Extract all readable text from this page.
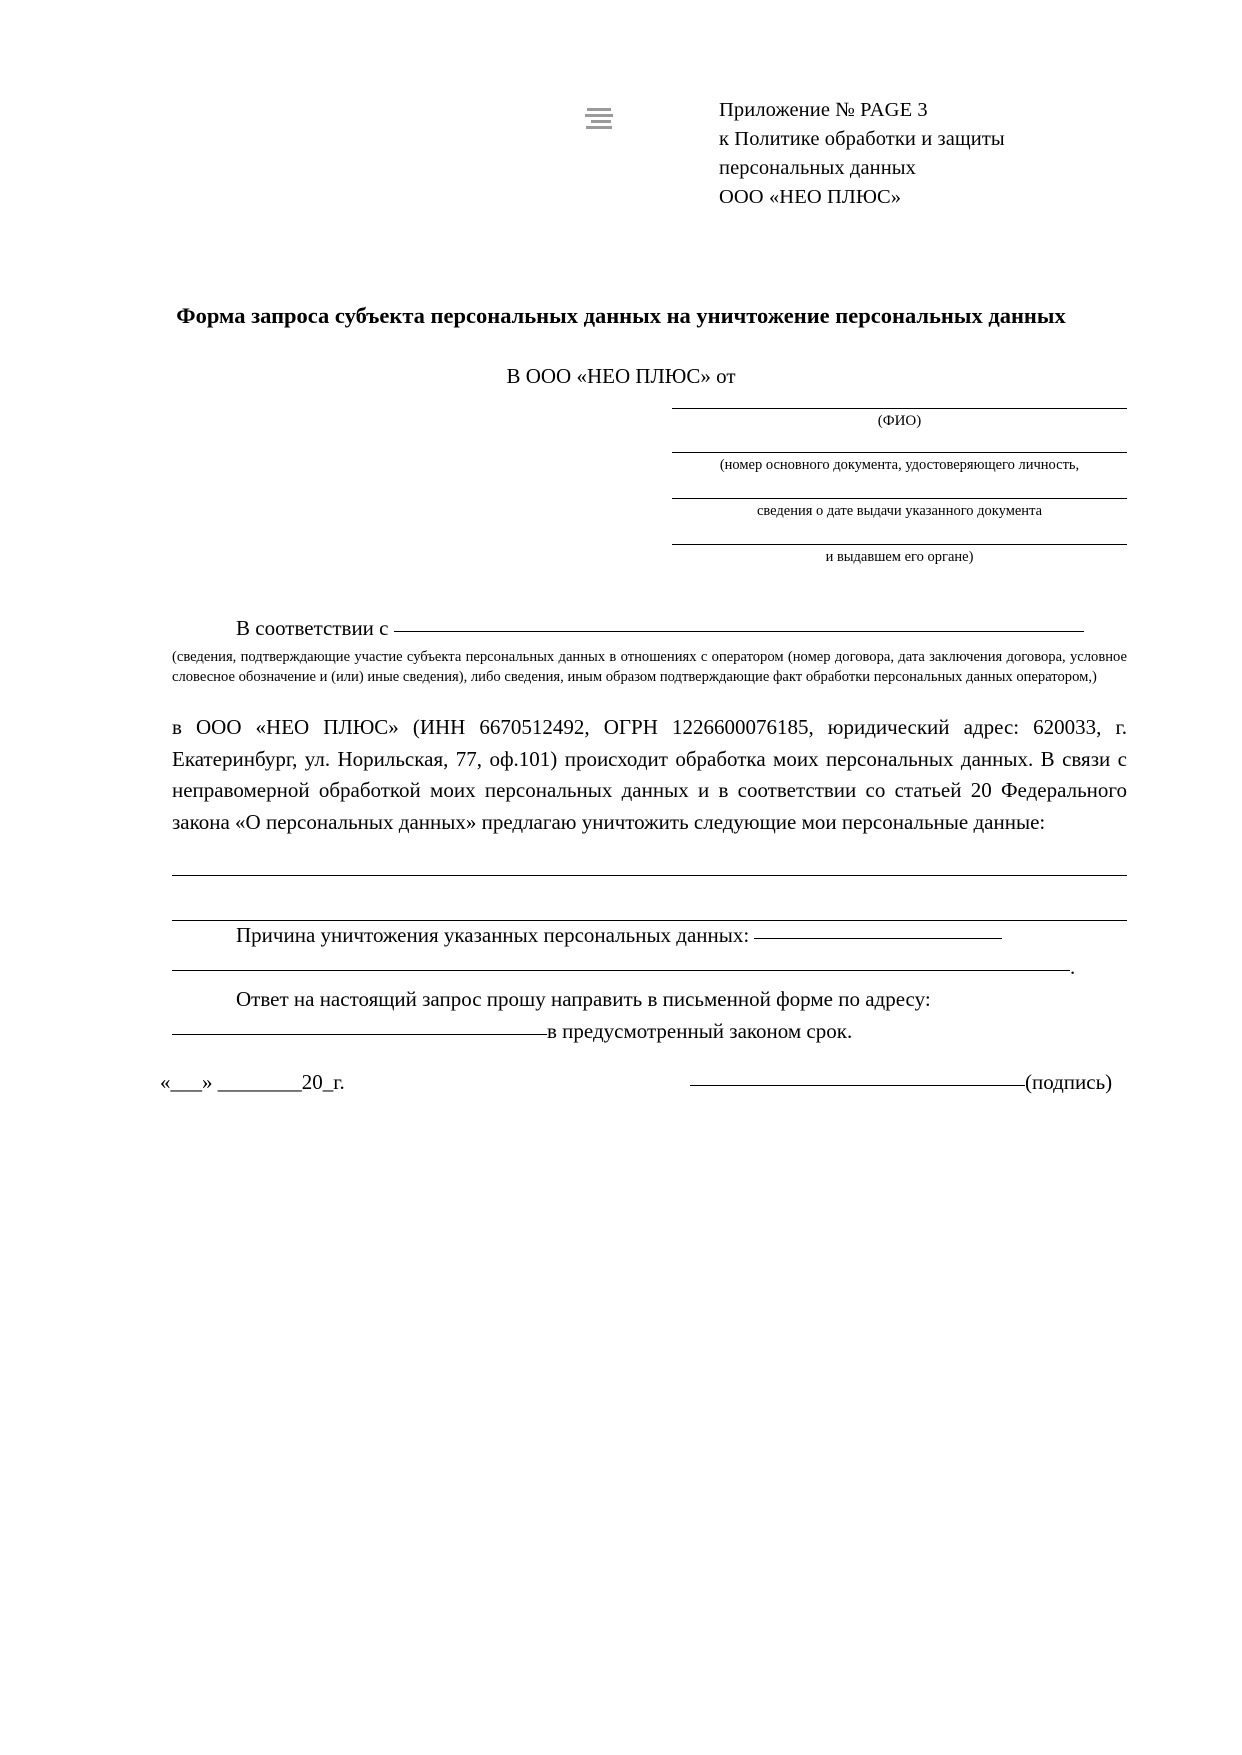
Приложение № PAGE 3
к Политике обработки и защиты
персональных данных
ООО «НЕО ПЛЮС»
Форма запроса субъекта персональных данных на уничтожение персональных данных
В ООО «НЕО ПЛЮС» от
(ФИО)
(номер основного документа, удостоверяющего личность,
сведения о дате выдачи указанного документа
и выдавшем его органе)
В соответствии с
(сведения, подтверждающие участие субъекта персональных данных в отношениях с оператором (номер договора, дата заключения договора, условное словесное обозначение и (или) иные сведения), либо сведения, иным образом подтверждающие факт обработки персональных данных оператором,)
в ООО «НЕО ПЛЮС» (ИНН 6670512492, ОГРН 1226600076185, юридический адрес: 620033, г. Екатеринбург, ул. Норильская, 77, оф.101) происходит обработка моих персональных данных. В связи с неправомерной обработкой моих персональных данных и в соответствии со статьей 20 Федерального закона «О персональных данных» предлагаю уничтожить следующие мои персональные данные:
Причина уничтожения указанных персональных данных:
.
Ответ на настоящий запрос прошу направить в письменной форме по адресу:
в предусмотренный законом срок.
«___» ________20_г.	(подпись)
